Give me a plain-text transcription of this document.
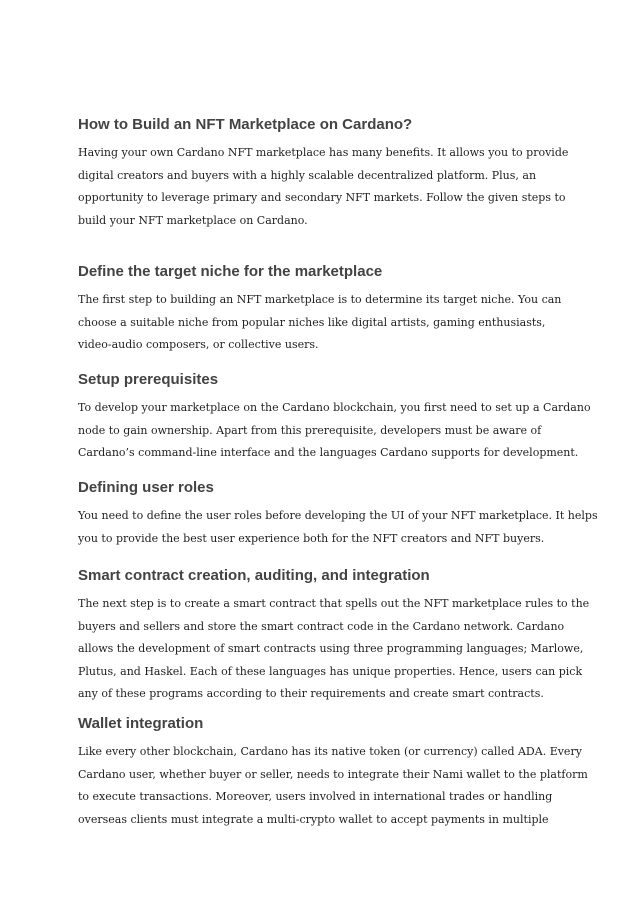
How to Build an NFT Marketplace on Cardano?
Having your own Cardano NFT marketplace has many benefits. It allows you to provide
digital creators and buyers with a highly scalable decentralized platform. Plus, an
opportunity to leverage primary and secondary NFT markets. Follow the given steps to
build your NFT marketplace on Cardano.
Define the target niche for the marketplace
The first step to building an NFT marketplace is to determine its target niche. You can
choose a suitable niche from popular niches like digital artists, gaming enthusiasts,
video-audio composers, or collective users.
Setup prerequisites
To develop your marketplace on the Cardano blockchain, you first need to set up a Cardano
node to gain ownership. Apart from this prerequisite, developers must be aware of
Cardano’s command-line interface and the languages Cardano supports for development.
Defining user roles
You need to define the user roles before developing the UI of your NFT marketplace. It helps
you to provide the best user experience both for the NFT creators and NFT buyers.
Smart contract creation, auditing, and integration
The next step is to create a smart contract that spells out the NFT marketplace rules to the
buyers and sellers and store the smart contract code in the Cardano network. Cardano
allows the development of smart contracts using three programming languages; Marlowe,
Plutus, and Haskel. Each of these languages has unique properties. Hence, users can pick
any of these programs according to their requirements and create smart contracts.
Wallet integration
Like every other blockchain, Cardano has its native token (or currency) called ADA. Every
Cardano user, whether buyer or seller, needs to integrate their Nami wallet to the platform
to execute transactions. Moreover, users involved in international trades or handling
overseas clients must integrate a multi-crypto wallet to accept payments in multiple
